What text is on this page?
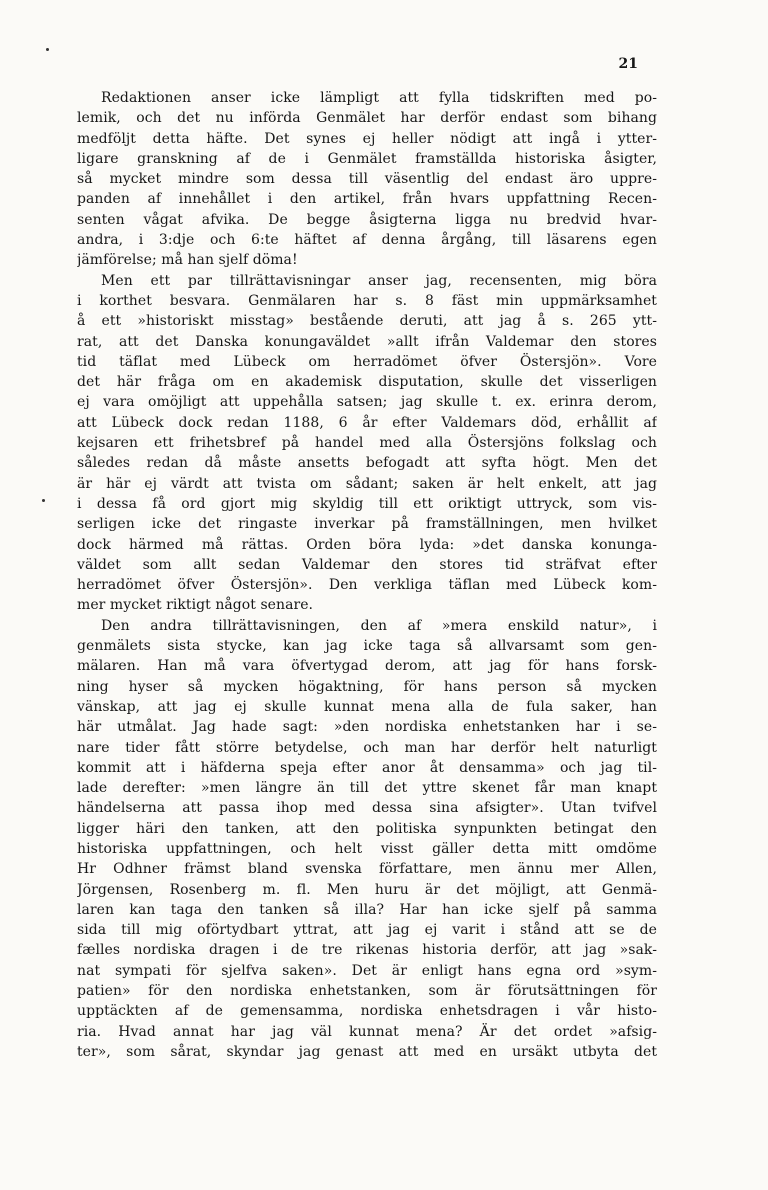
21
Redaktionen anser icke lämpligt att fylla tidskriften med po-
lemik, och det nu införda Genmälet har derför endast som bihang
medföljt detta häfte. Det synes ej heller nödigt att ingå i ytter-
ligare granskning af de i Genmälet framställda historiska åsigter,
så mycket mindre som dessa till väsentlig del endast äro uppre-
panden af innehållet i den artikel, från hvars uppfattning Recen-
senten vågat afvika. De begge åsigterna ligga nu bredvid hvar-
andra, i 3:dje och 6:te häftet af denna årgång, till läsarens egen
jämförelse; må han sjelf döma!
Men ett par tillrättavisningar anser jag, recensenten, mig böra
i korthet besvara. Genmälaren har s. 8 fäst min uppmärksamhet
å ett »historiskt misstag» bestående deruti, att jag å s. 265 ytt-
rat, att det Danska konungaväldet »allt ifrån Valdemar den stores
tid täflat med Lübeck om herradömet öfver Östersjön». Vore
det här fråga om en akademisk disputation, skulle det visserligen
ej vara omöjligt att uppehålla satsen; jag skulle t. ex. erinra derom,
att Lübeck dock redan 1188, 6 år efter Valdemars död, erhållit af
kejsaren ett frihetsbref på handel med alla Östersjöns folkslag och
således redan då måste ansetts befogadt att syfta högt. Men det
är här ej värdt att tvista om sådant; saken är helt enkelt, att jag
i dessa få ord gjort mig skyldig till ett oriktigt uttryck, som vis-
serligen icke det ringaste inverkar på framställningen, men hvilket
dock härmed må rättas. Orden böra lyda: »det danska konunga-
väldet som allt sedan Valdemar den stores tid sträfvat efter
herradömet öfver Östersjön». Den verkliga täflan med Lübeck kom-
mer mycket riktigt något senare.
Den andra tillrättavisningen, den af »mera enskild natur», i
genmälets sista stycke, kan jag icke taga så allvarsamt som gen-
mälaren. Han må vara öfvertygad derom, att jag för hans forsk-
ning hyser så mycken högaktning, för hans person så mycken
vänskap, att jag ej skulle kunnat mena alla de fula saker, han
här utmålat. Jag hade sagt: »den nordiska enhetstanken har i se-
nare tider fått större betydelse, och man har derför helt naturligt
kommit att i häfderna speja efter anor åt densamma» och jag til-
lade derefter: »men längre än till det yttre skenet får man knapt
händelserna att passa ihop med dessa sina afsigter». Utan tvifvel
ligger häri den tanken, att den politiska synpunkten betingat den
historiska uppfattningen, och helt visst gäller detta mitt omdöme
Hr Odhner främst bland svenska författare, men ännu mer Allen,
Jörgensen, Rosenberg m. fl. Men huru är det möjligt, att Genmä-
laren kan taga den tanken så illa? Har han icke sjelf på samma
sida till mig oförtydbart yttrat, att jag ej varit i stånd att se de
fælles nordiska dragen i de tre rikenas historia derför, att jag »sak-
nat sympati för sjelfva saken». Det är enligt hans egna ord »sym-
patien» för den nordiska enhetstanken, som är förutsättningen för
upptäckten af de gemensamma, nordiska enhetsdragen i vår histo-
ria. Hvad annat har jag väl kunnat mena? Är det ordet »afsig-
ter», som sårat, skyndar jag genast att med en ursäkt utbyta det
